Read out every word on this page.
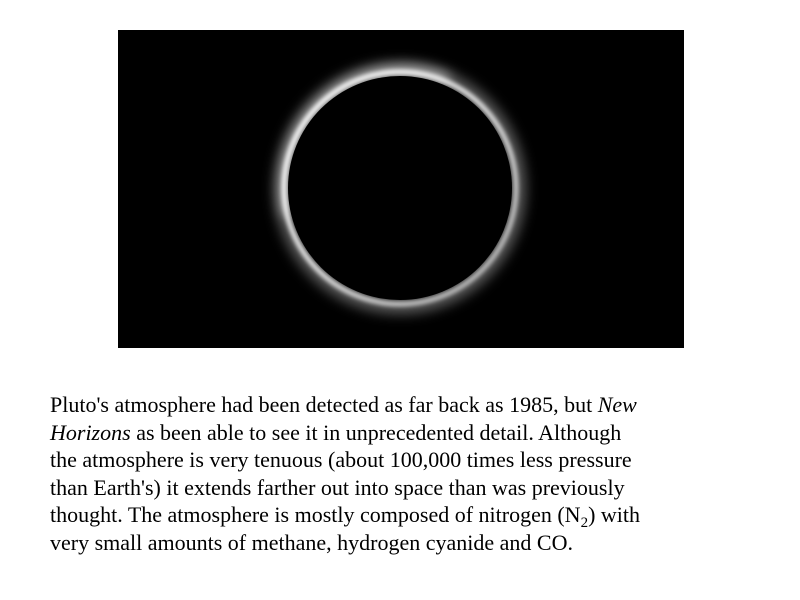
Pluto's atmosphere had been detected as far back as 1985, but New
Horizons as been able to see it in unprecedented detail. Although
the atmosphere is very tenuous (about 100,000 times less pressure
than Earth's) it extends farther out into space than was previously
thought. The atmosphere is mostly composed of nitrogen $(N_2)$ with
very small amounts of methane, hydrogen cyanide and CO.
